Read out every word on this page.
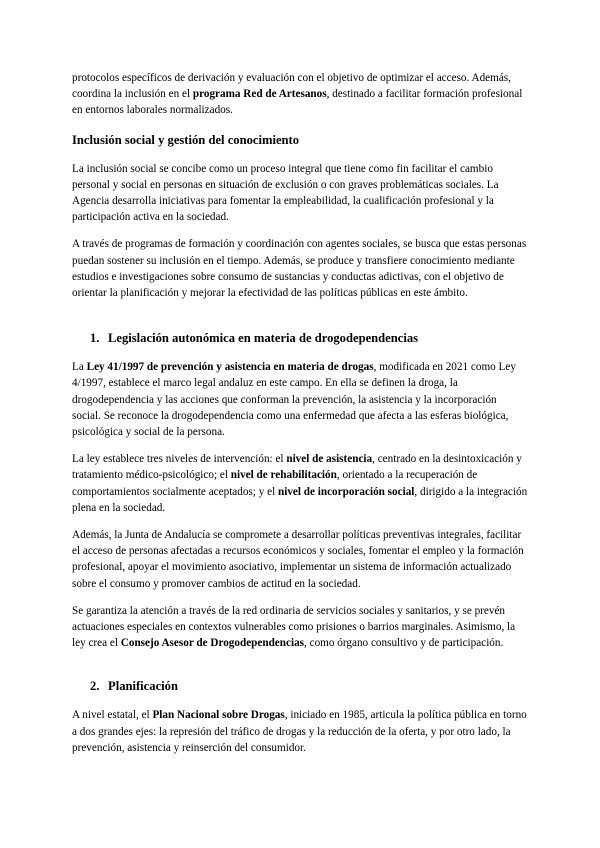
protocolos específicos de derivación y evaluación con el objetivo de optimizar el acceso. Además, coordina la inclusión en el programa Red de Artesanos, destinado a facilitar formación profesional en entornos laborales normalizados.

Inclusión social y gestión del conocimiento

La inclusión social se concibe como un proceso integral que tiene como fin facilitar el cambio personal y social en personas en situación de exclusión o con graves problemáticas sociales. La Agencia desarrolla iniciativas para fomentar la empleabilidad, la cualificación profesional y la participación activa en la sociedad.

A través de programas de formación y coordinación con agentes sociales, se busca que estas personas puedan sostener su inclusión en el tiempo. Además, se produce y transfiere conocimiento mediante estudios e investigaciones sobre consumo de sustancias y conductas adictivas, con el objetivo de orientar la planificación y mejorar la efectividad de las políticas públicas en este ámbito.

1. Legislación autonómica en materia de drogodependencias

La Ley 41/1997 de prevención y asistencia en materia de drogas, modificada en 2021 como Ley 4/1997, establece el marco legal andaluz en este campo. En ella se definen la droga, la drogodependencia y las acciones que conforman la prevención, la asistencia y la incorporación social. Se reconoce la drogodependencia como una enfermedad que afecta a las esferas biológica, psicológica y social de la persona.

La ley establece tres niveles de intervención: el nivel de asistencia, centrado en la desintoxicación y tratamiento médico-psicológico; el nivel de rehabilitación, orientado a la recuperación de comportamientos socialmente aceptados; y el nivel de incorporación social, dirigido a la integración plena en la sociedad.

Además, la Junta de Andalucía se compromete a desarrollar políticas preventivas integrales, facilitar el acceso de personas afectadas a recursos económicos y sociales, fomentar el empleo y la formación profesional, apoyar el movimiento asociativo, implementar un sistema de información actualizado sobre el consumo y promover cambios de actitud en la sociedad.

Se garantiza la atención a través de la red ordinaria de servicios sociales y sanitarios, y se prevén actuaciones especiales en contextos vulnerables como prisiones o barrios marginales. Asimismo, la ley crea el Consejo Asesor de Drogodependencias, como órgano consultivo y de participación.

2. Planificación

A nivel estatal, el Plan Nacional sobre Drogas, iniciado en 1985, articula la política pública en torno a dos grandes ejes: la represión del tráfico de drogas y la reducción de la oferta, y por otro lado, la prevención, asistencia y reinserción del consumidor.
